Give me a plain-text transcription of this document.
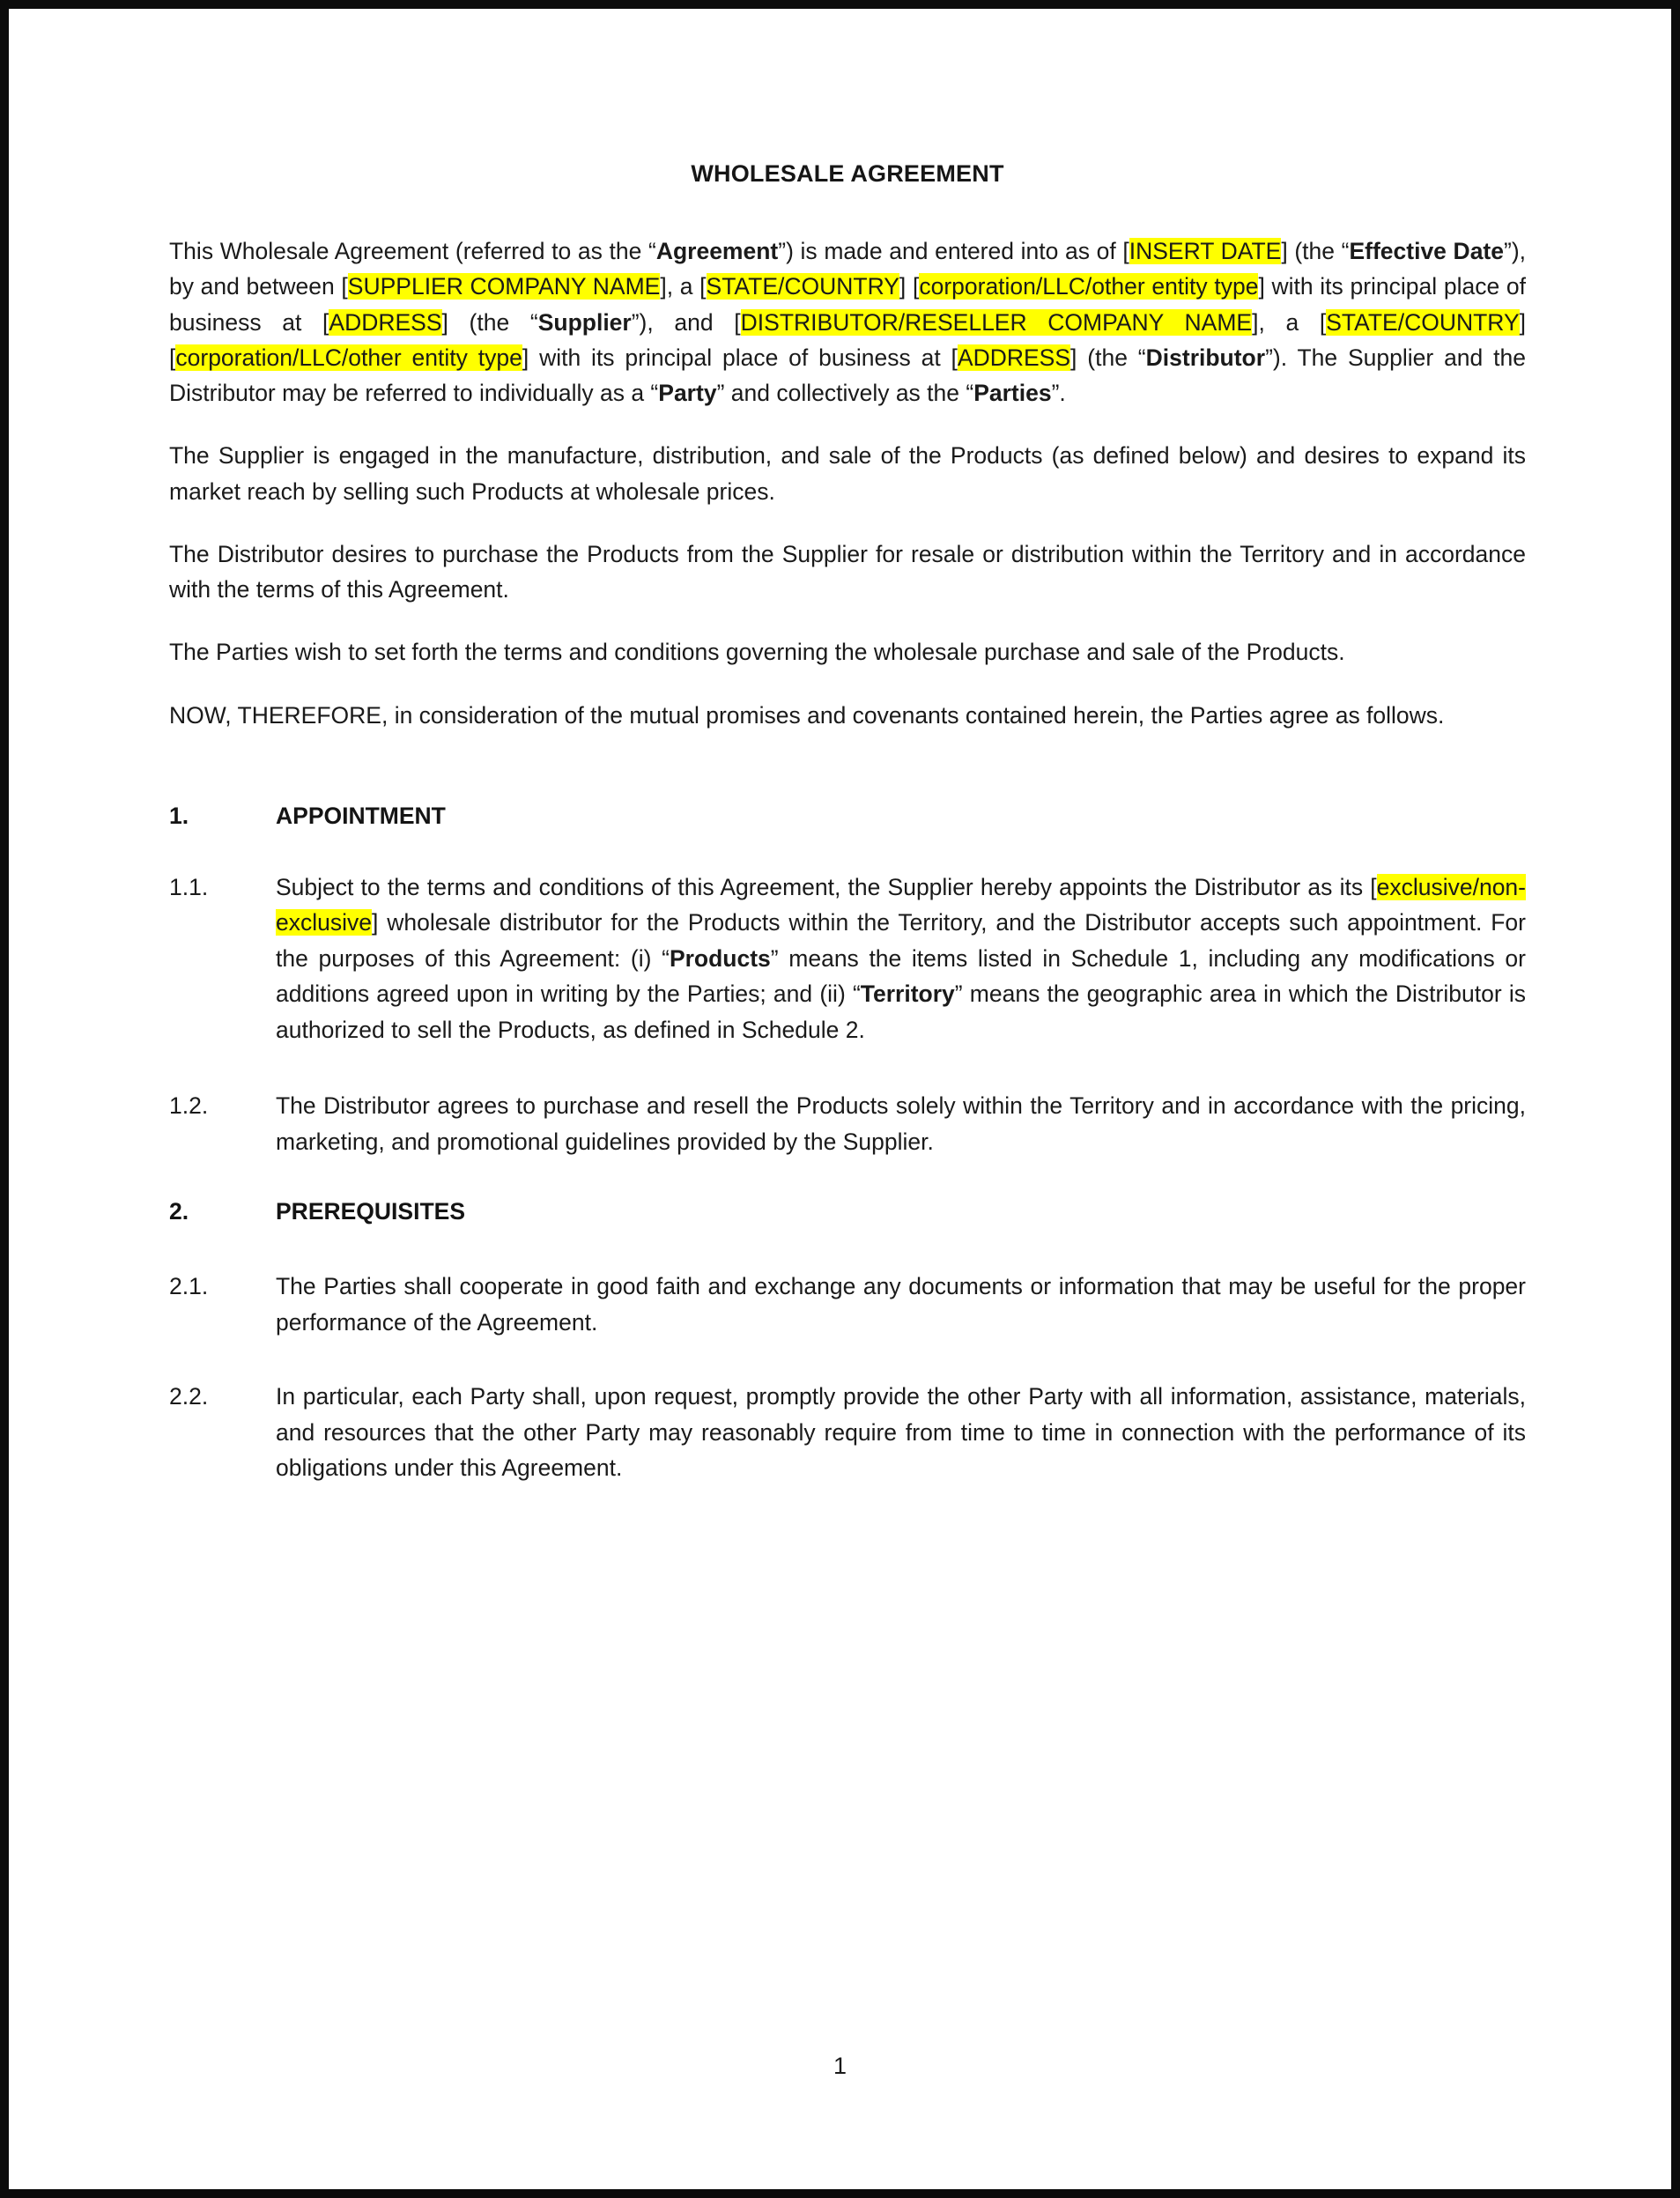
WHOLESALE AGREEMENT

This Wholesale Agreement (referred to as the “Agreement”) is made and entered into as of [INSERT DATE] (the “Effective Date”), by and between [SUPPLIER COMPANY NAME], a [STATE/COUNTRY] [corporation/LLC/other entity type] with its principal place of business at [ADDRESS] (the “Supplier”), and [DISTRIBUTOR/RESELLER COMPANY NAME], a [STATE/COUNTRY] [corporation/LLC/other entity type] with its principal place of business at [ADDRESS] (the “Distributor”). The Supplier and the Distributor may be referred to individually as a “Party” and collectively as the “Parties”.

The Supplier is engaged in the manufacture, distribution, and sale of the Products (as defined below) and desires to expand its market reach by selling such Products at wholesale prices.

The Distributor desires to purchase the Products from the Supplier for resale or distribution within the Territory and in accordance with the terms of this Agreement.

The Parties wish to set forth the terms and conditions governing the wholesale purchase and sale of the Products.

NOW, THEREFORE, in consideration of the mutual promises and covenants contained herein, the Parties agree as follows.

1.	APPOINTMENT
1.1.	Subject to the terms and conditions of this Agreement, the Supplier hereby appoints the Distributor as its [exclusive/non-exclusive] wholesale distributor for the Products within the Territory, and the Distributor accepts such appointment. For the purposes of this Agreement: (i) “Products” means the items listed in Schedule 1, including any modifications or additions agreed upon in writing by the Parties; and (ii) “Territory” means the geographic area in which the Distributor is authorized to sell the Products, as defined in Schedule 2.
1.2.	The Distributor agrees to purchase and resell the Products solely within the Territory and in accordance with the pricing, marketing, and promotional guidelines provided by the Supplier.
2.	PREREQUISITES
2.1.	The Parties shall cooperate in good faith and exchange any documents or information that may be useful for the proper performance of the Agreement.
2.2.	In particular, each Party shall, upon request, promptly provide the other Party with all information, assistance, materials, and resources that the other Party may reasonably require from time to time in connection with the performance of its obligations under this Agreement.
1
